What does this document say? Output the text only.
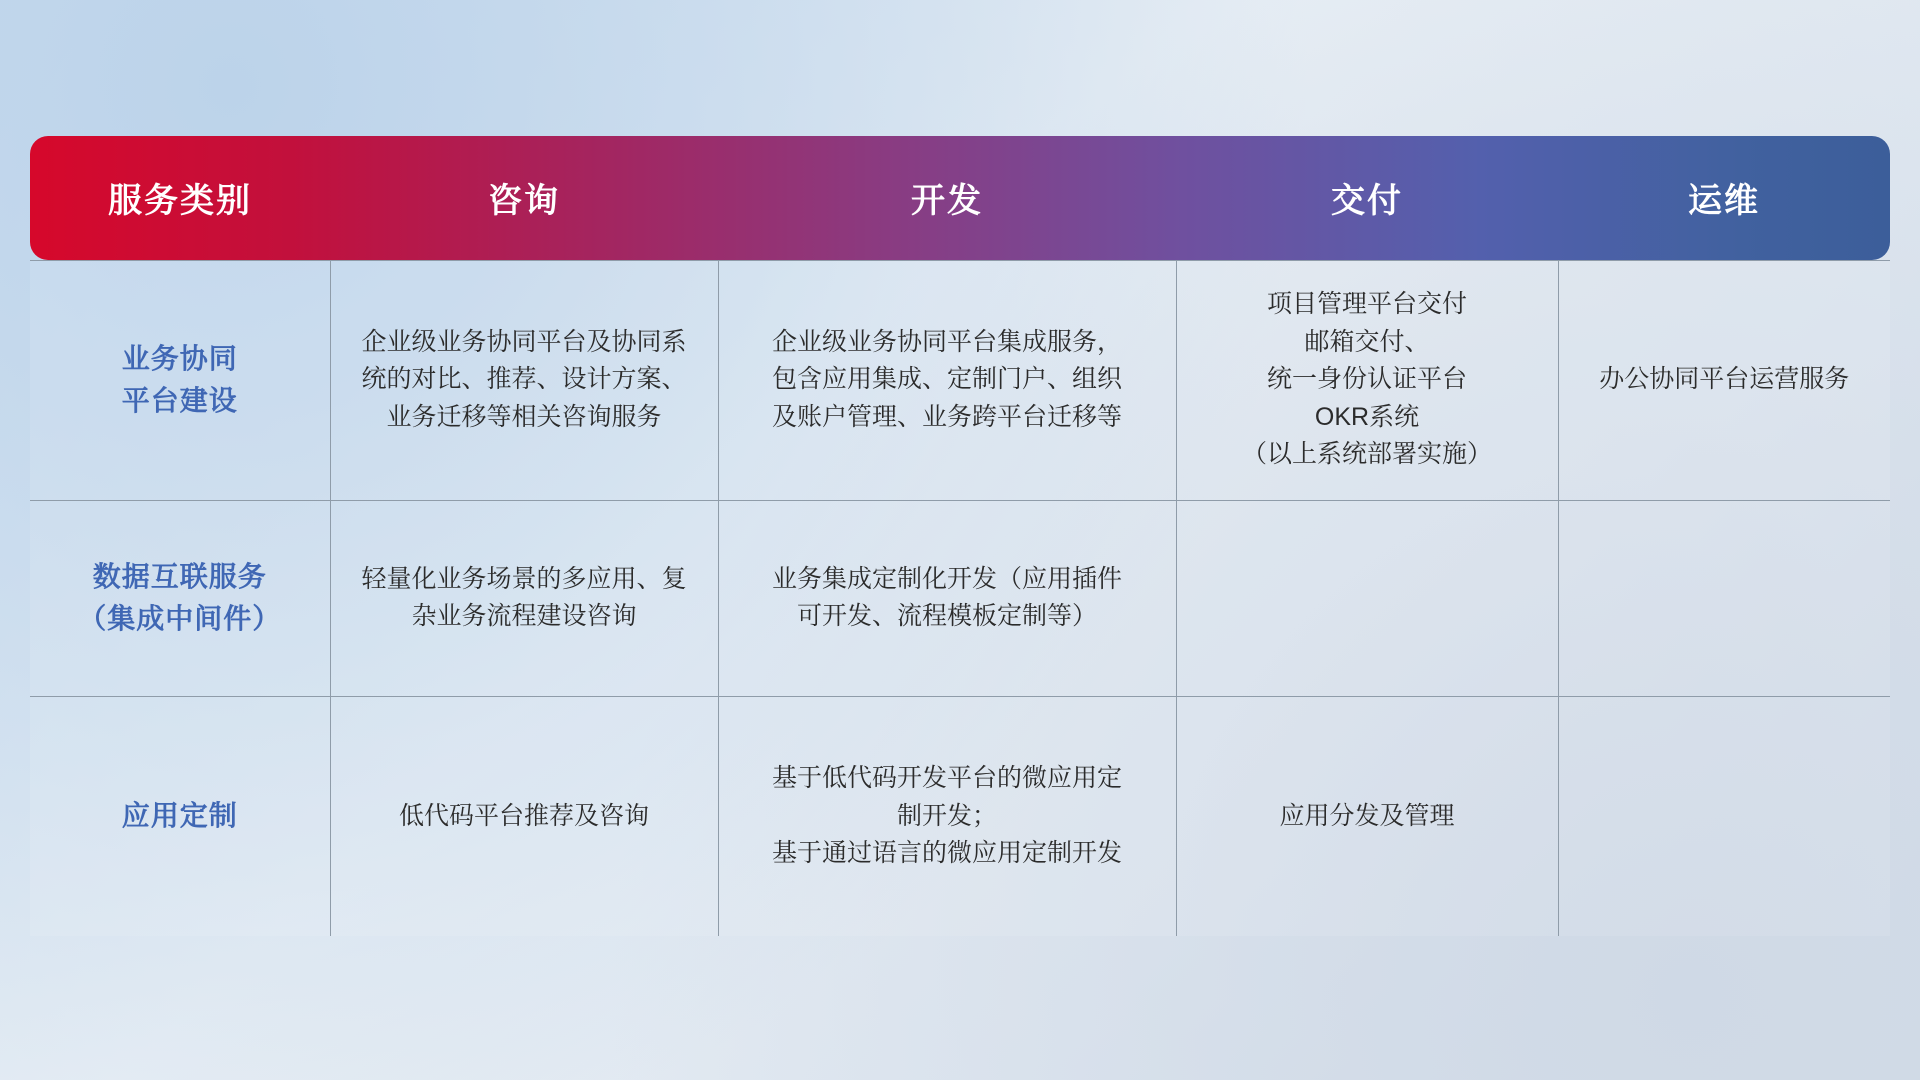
服务类别	咨询	开发	交付	运维

业务协同
平台建设	企业级业务协同平台及协同系
统的对比、推荐、设计方案、
业务迁移等相关咨询服务	企业级业务协同平台集成服务，
包含应用集成、定制门户、组织
及账户管理、业务跨平台迁移等	项目管理平台交付
邮箱交付、
统一身份认证平台
OKR系统
（以上系统部署实施）	办公协同平台运营服务

数据互联服务
（集成中间件）	轻量化业务场景的多应用、复
杂业务流程建设咨询	业务集成定制化开发（应用插件
可开发、流程模板定制等）		

应用定制	低代码平台推荐及咨询	基于低代码开发平台的微应用定
制开发；
基于通过语言的微应用定制开发	应用分发及管理	
